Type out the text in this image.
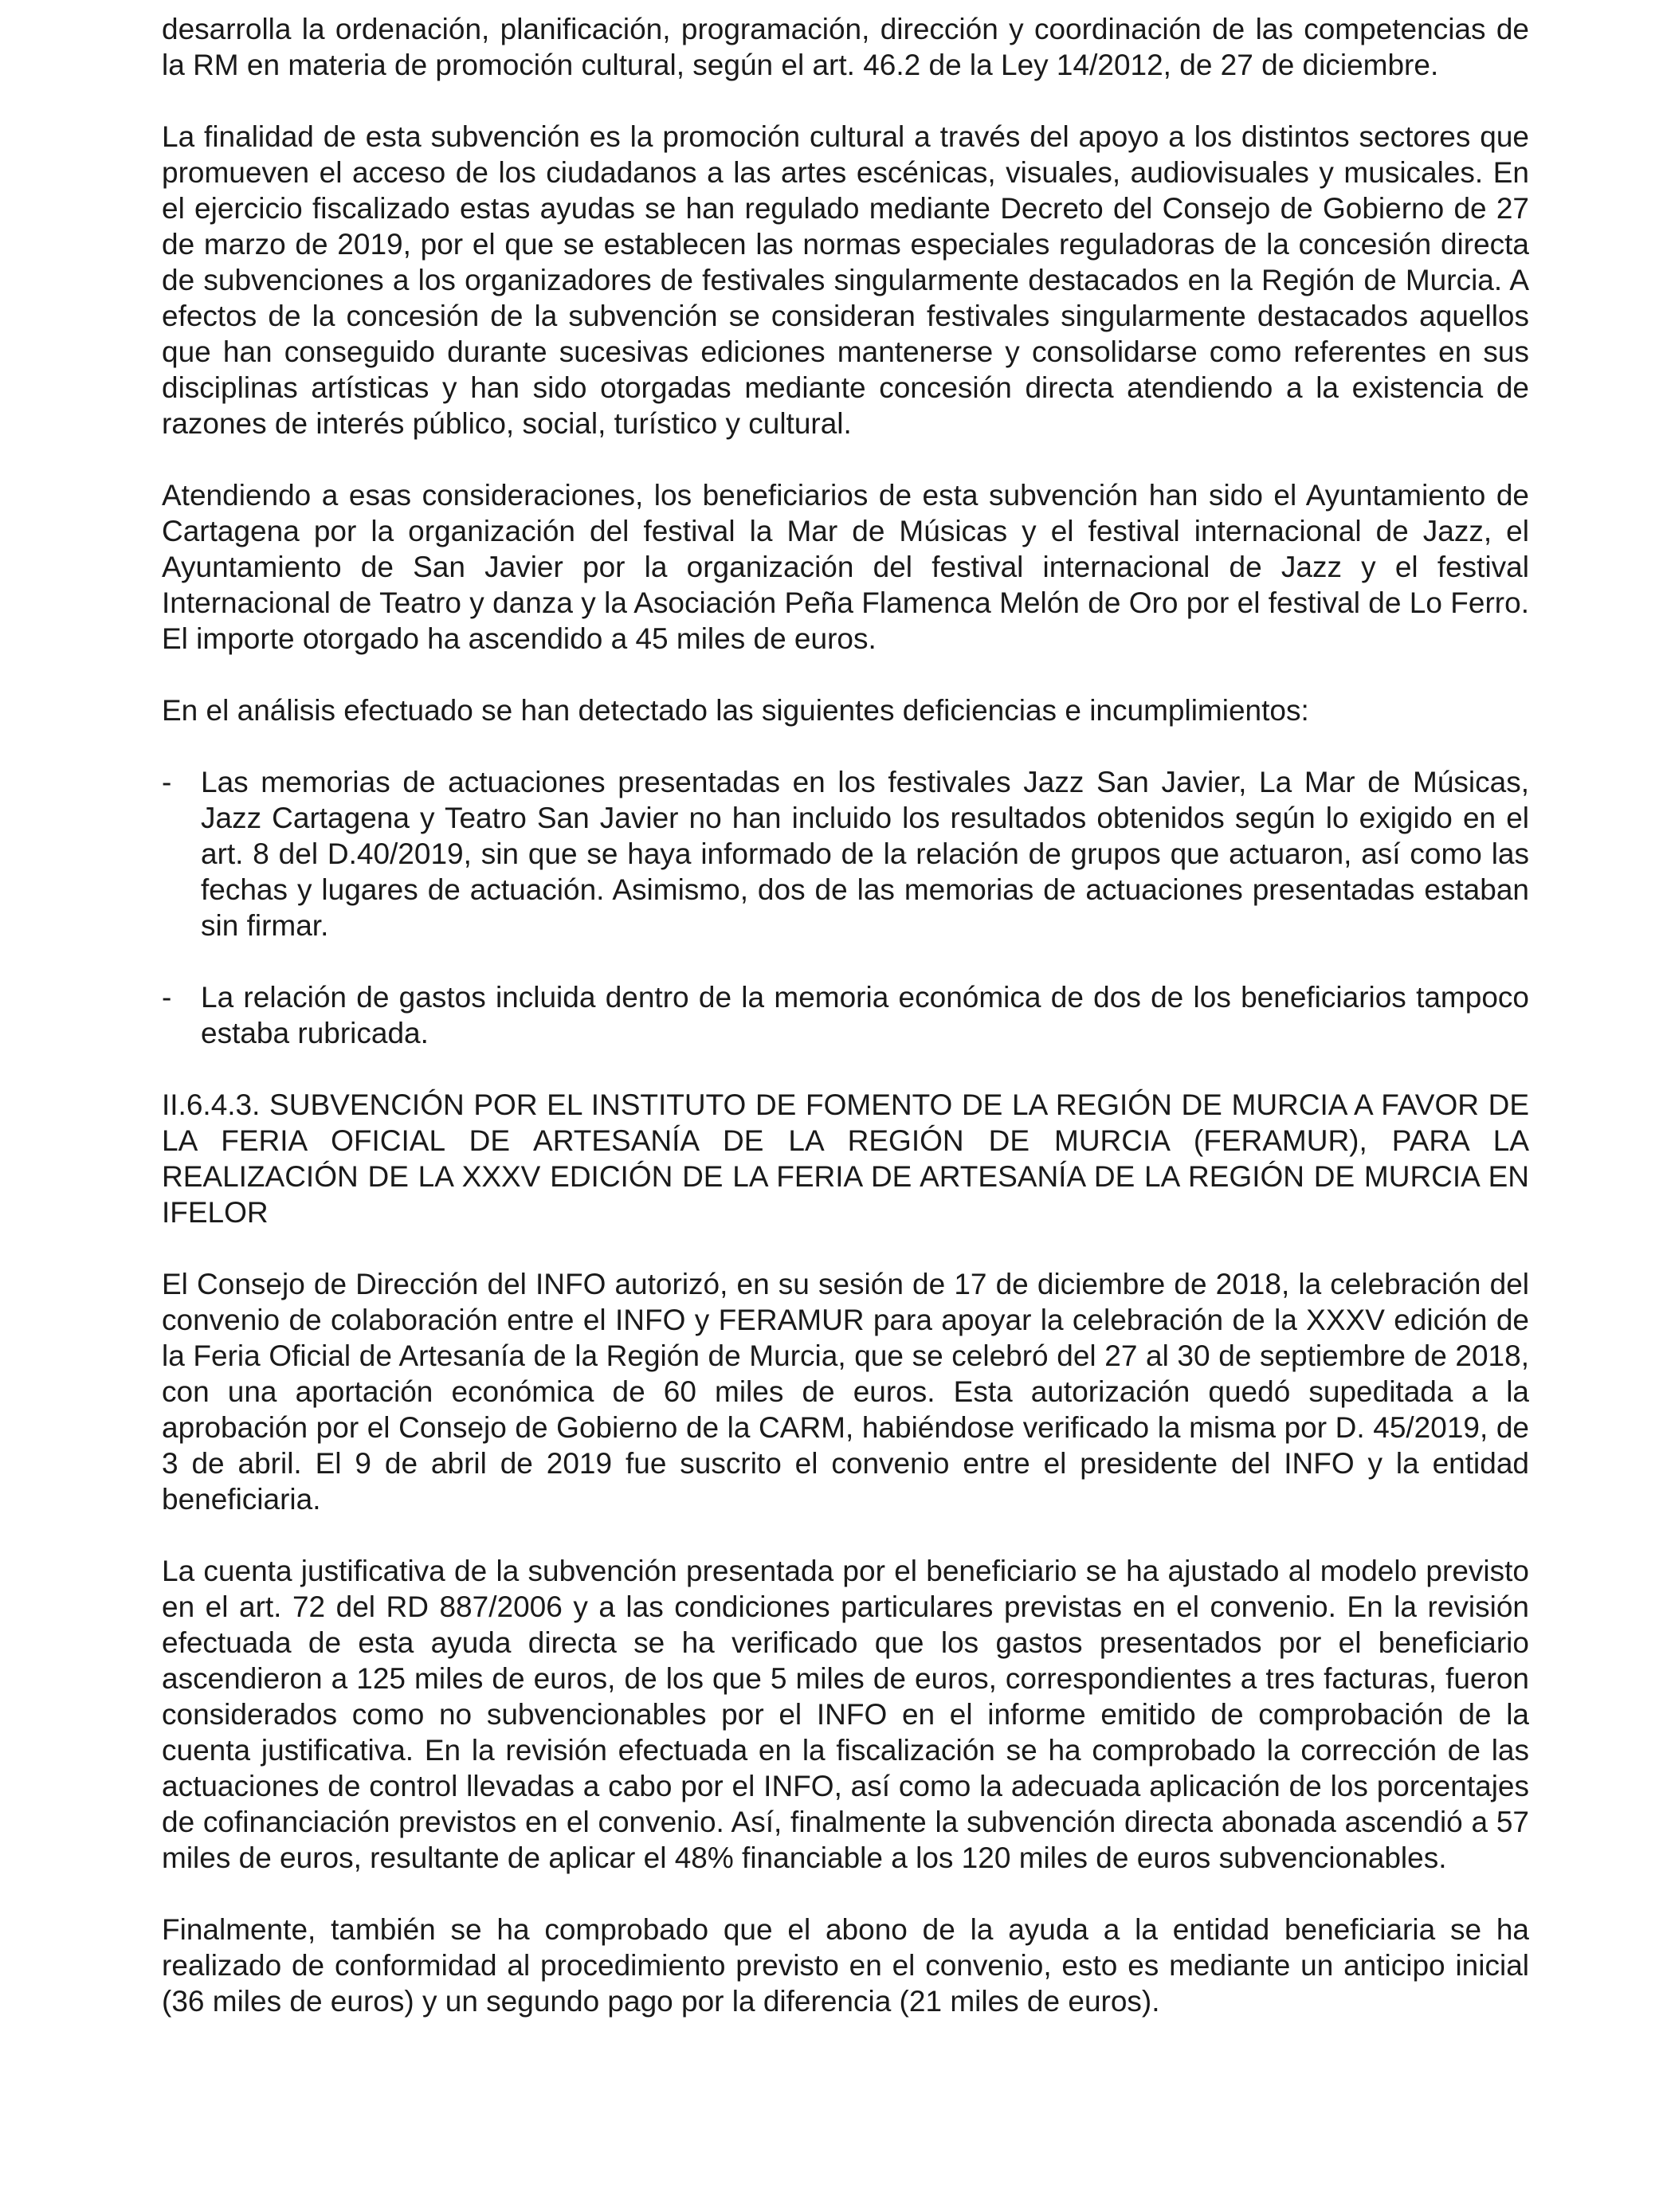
desarrolla la ordenación, planificación, programación, dirección y coordinación de las competencias de la RM en materia de promoción cultural, según el art. 46.2 de la Ley 14/2012, de 27 de diciembre.

La finalidad de esta subvención es la promoción cultural a través del apoyo a los distintos sectores que promueven el acceso de los ciudadanos a las artes escénicas, visuales, audiovisuales y musicales. En el ejercicio fiscalizado estas ayudas se han regulado mediante Decreto del Consejo de Gobierno de 27 de marzo de 2019, por el que se establecen las normas especiales reguladoras de la concesión directa de subvenciones a los organizadores de festivales singularmente destacados en la Región de Murcia. A efectos de la concesión de la subvención se consideran festivales singularmente destacados aquellos que han conseguido durante sucesivas ediciones mantenerse y consolidarse como referentes en sus disciplinas artísticas y han sido otorgadas mediante concesión directa atendiendo a la existencia de razones de interés público, social, turístico y cultural.

Atendiendo a esas consideraciones, los beneficiarios de esta subvención han sido el Ayuntamiento de Cartagena por la organización del festival la Mar de Músicas y el festival internacional de Jazz, el Ayuntamiento de San Javier por la organización del festival internacional de Jazz y el festival Internacional de Teatro y danza y la Asociación Peña Flamenca Melón de Oro por el festival de Lo Ferro. El importe otorgado ha ascendido a 45 miles de euros.

En el análisis efectuado se han detectado las siguientes deficiencias e incumplimientos:

- Las memorias de actuaciones presentadas en los festivales Jazz San Javier, La Mar de Músicas, Jazz Cartagena y Teatro San Javier no han incluido los resultados obtenidos según lo exigido en el art. 8 del D.40/2019, sin que se haya informado de la relación de grupos que actuaron, así como las fechas y lugares de actuación. Asimismo, dos de las memorias de actuaciones presentadas estaban sin firmar.
- La relación de gastos incluida dentro de la memoria económica de dos de los beneficiarios tampoco estaba rubricada.

II.6.4.3. SUBVENCIÓN POR EL INSTITUTO DE FOMENTO DE LA REGIÓN DE MURCIA A FAVOR DE LA FERIA OFICIAL DE ARTESANÍA DE LA REGIÓN DE MURCIA (FERAMUR), PARA LA REALIZACIÓN DE LA XXXV EDICIÓN DE LA FERIA DE ARTESANÍA DE LA REGIÓN DE MURCIA EN IFELOR

El Consejo de Dirección del INFO autorizó, en su sesión de 17 de diciembre de 2018, la celebración del convenio de colaboración entre el INFO y FERAMUR para apoyar la celebración de la XXXV edición de la Feria Oficial de Artesanía de la Región de Murcia, que se celebró del 27 al 30 de septiembre de 2018, con una aportación económica de 60 miles de euros. Esta autorización quedó supeditada a la aprobación por el Consejo de Gobierno de la CARM, habiéndose verificado la misma por D. 45/2019, de 3 de abril. El 9 de abril de 2019 fue suscrito el convenio entre el presidente del INFO y la entidad beneficiaria.

La cuenta justificativa de la subvención presentada por el beneficiario se ha ajustado al modelo previsto en el art. 72 del RD 887/2006 y a las condiciones particulares previstas en el convenio. En la revisión efectuada de esta ayuda directa se ha verificado que los gastos presentados por el beneficiario ascendieron a 125 miles de euros, de los que 5 miles de euros, correspondientes a tres facturas, fueron considerados como no subvencionables por el INFO en el informe emitido de comprobación de la cuenta justificativa. En la revisión efectuada en la fiscalización se ha comprobado la corrección de las actuaciones de control llevadas a cabo por el INFO, así como la adecuada aplicación de los porcentajes de cofinanciación previstos en el convenio. Así, finalmente la subvención directa abonada ascendió a 57 miles de euros, resultante de aplicar el 48% financiable a los 120 miles de euros subvencionables.

Finalmente, también se ha comprobado que el abono de la ayuda a la entidad beneficiaria se ha realizado de conformidad al procedimiento previsto en el convenio, esto es mediante un anticipo inicial (36 miles de euros) y un segundo pago por la diferencia (21 miles de euros).
